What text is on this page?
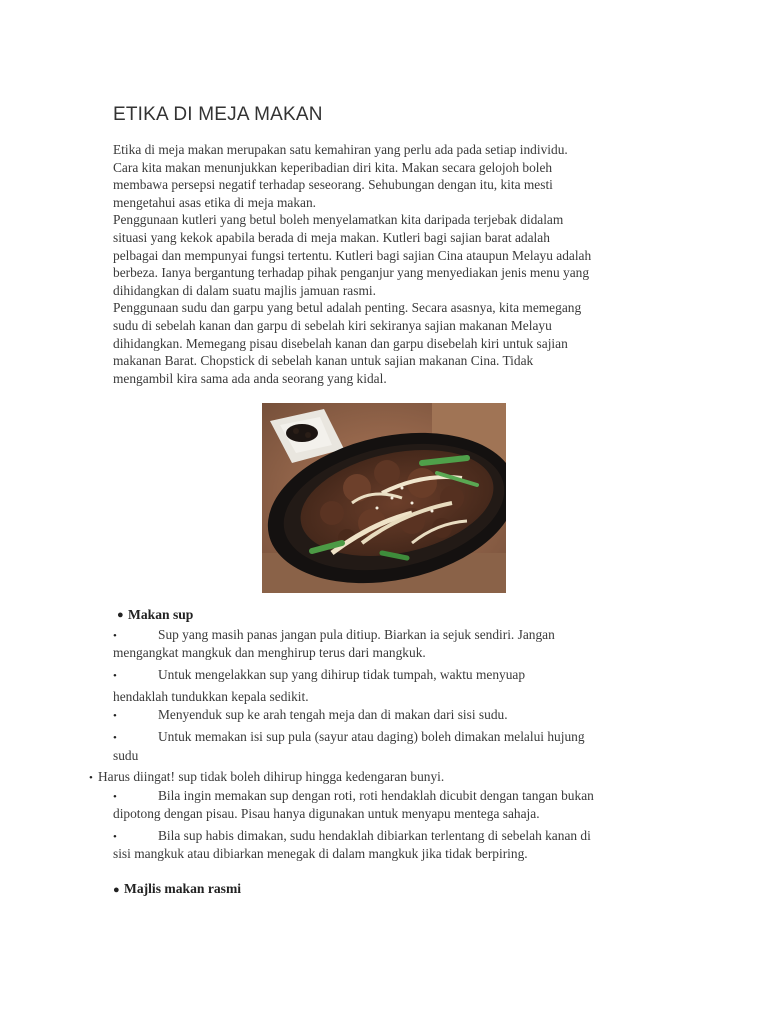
ETIKA DI MEJA MAKAN
Etika di meja makan merupakan satu kemahiran yang perlu ada pada setiap individu.
Cara kita makan menunjukkan keperibadian diri kita. Makan secara gelojoh boleh
membawa persepsi negatif terhadap seseorang. Sehubungan dengan itu, kita mesti
mengetahui asas etika di meja makan.
Penggunaan kutleri yang betul boleh menyelamatkan kita daripada terjebak didalam
situasi yang kekok apabila berada di meja makan. Kutleri bagi sajian barat adalah
pelbagai dan mempunyai fungsi tertentu. Kutleri bagi sajian Cina ataupun Melayu adalah
berbeza. Ianya bergantung terhadap pihak penganjur yang menyediakan jenis menu yang
dihidangkan di dalam suatu majlis jamuan rasmi.
Penggunaan sudu dan garpu yang betul adalah penting. Secara asasnya, kita memegang
sudu di sebelah kanan dan garpu di sebelah kiri sekiranya sajian makanan Melayu
dihidangkan. Memegang pisau disebelah kanan dan garpu disebelah kiri untuk sajian
makanan Barat. Chopstick di sebelah kanan untuk sajian makanan Cina. Tidak
mengambil kira sama ada anda seorang yang kidal.
● Makan sup
•	Sup yang masih panas jangan pula ditiup. Biarkan ia sejuk sendiri. Jangan
mengangkat mangkuk dan menghirup terus dari mangkuk.
•	Untuk mengelakkan sup yang dihirup tidak tumpah, waktu menyuap
hendaklah tundukkan kepala sedikit.
•	Menyenduk sup ke arah tengah meja dan di makan dari sisi sudu.
•	Untuk memakan isi sup pula (sayur atau daging) boleh dimakan melalui hujung
sudu
• Harus diingat! sup tidak boleh dihirup hingga kedengaran bunyi.
•	Bila ingin memakan sup dengan roti, roti hendaklah dicubit dengan tangan bukan
dipotong dengan pisau. Pisau hanya digunakan untuk menyapu mentega sahaja.
•	Bila sup habis dimakan, sudu hendaklah dibiarkan terlentang di sebelah kanan di
sisi mangkuk atau dibiarkan menegak di dalam mangkuk jika tidak berpiring.
● Majlis makan rasmi
